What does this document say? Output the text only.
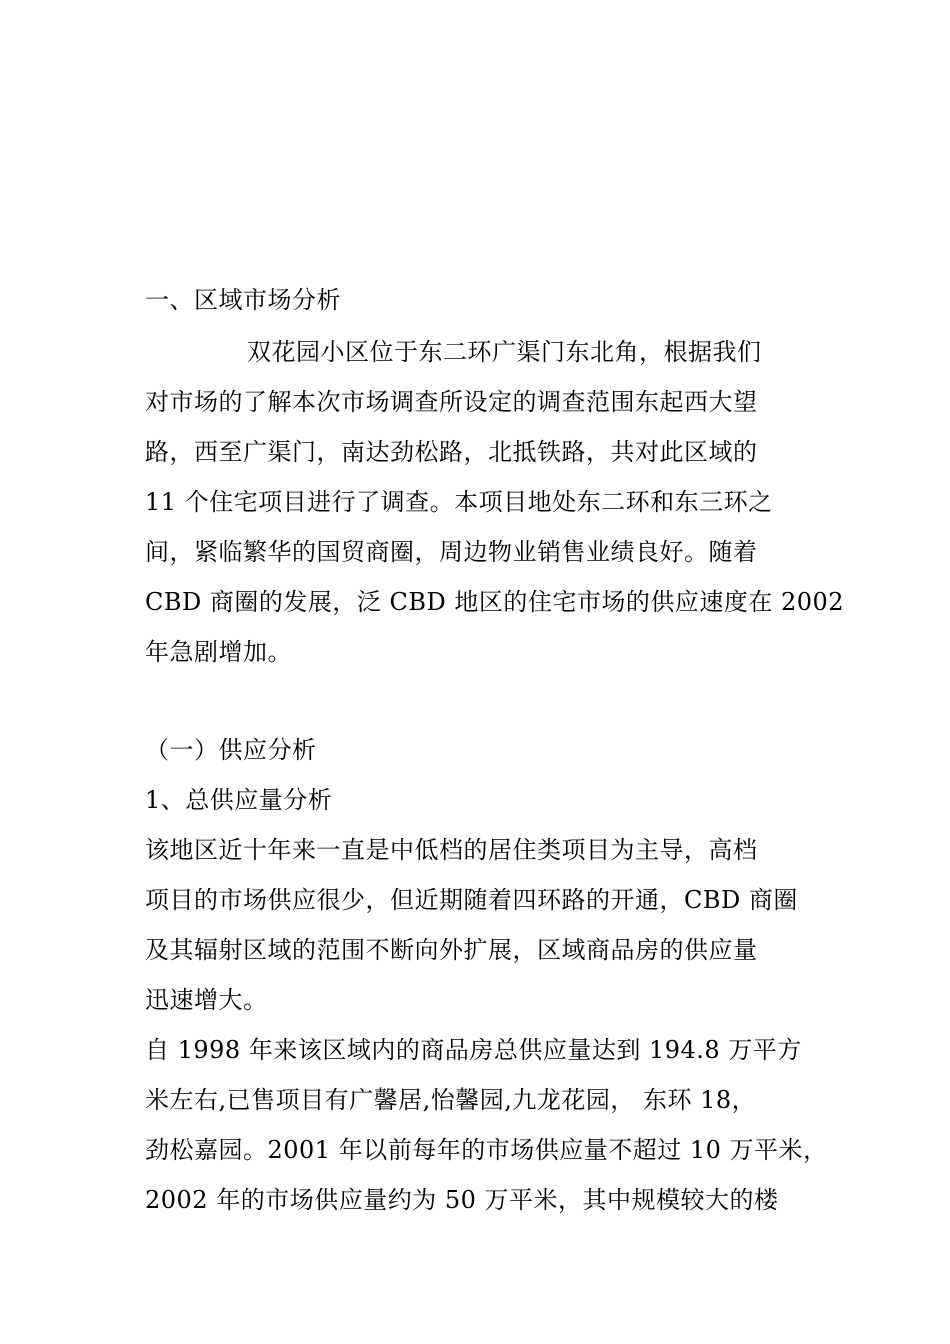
一、区域市场分析
双花园小区位于东二环广渠门东北角，根据我们
对市场的了解本次市场调查所设定的调查范围东起西大望
路，西至广渠门，南达劲松路，北抵铁路，共对此区域的
11 个住宅项目进行了调查。本项目地处东二环和东三环之
间，紧临繁华的国贸商圈，周边物业销售业绩良好。随着
CBD 商圈的发展，泛 CBD 地区的住宅市场的供应速度在 2002
年急剧增加。
（一）供应分析
1、总供应量分析
该地区近十年来一直是中低档的居住类项目为主导，高档
项目的市场供应很少，但近期随着四环路的开通，CBD 商圈
及其辐射区域的范围不断向外扩展，区域商品房的供应量
迅速增大。
自 1998 年来该区域内的商品房总供应量达到 194.8 万平方
米左右,已售项目有广馨居,怡馨园,九龙花园， 东环 18，
劲松嘉园。2001 年以前每年的市场供应量不超过 10 万平米，
2002 年的市场供应量约为 50 万平米，其中规模较大的楼
